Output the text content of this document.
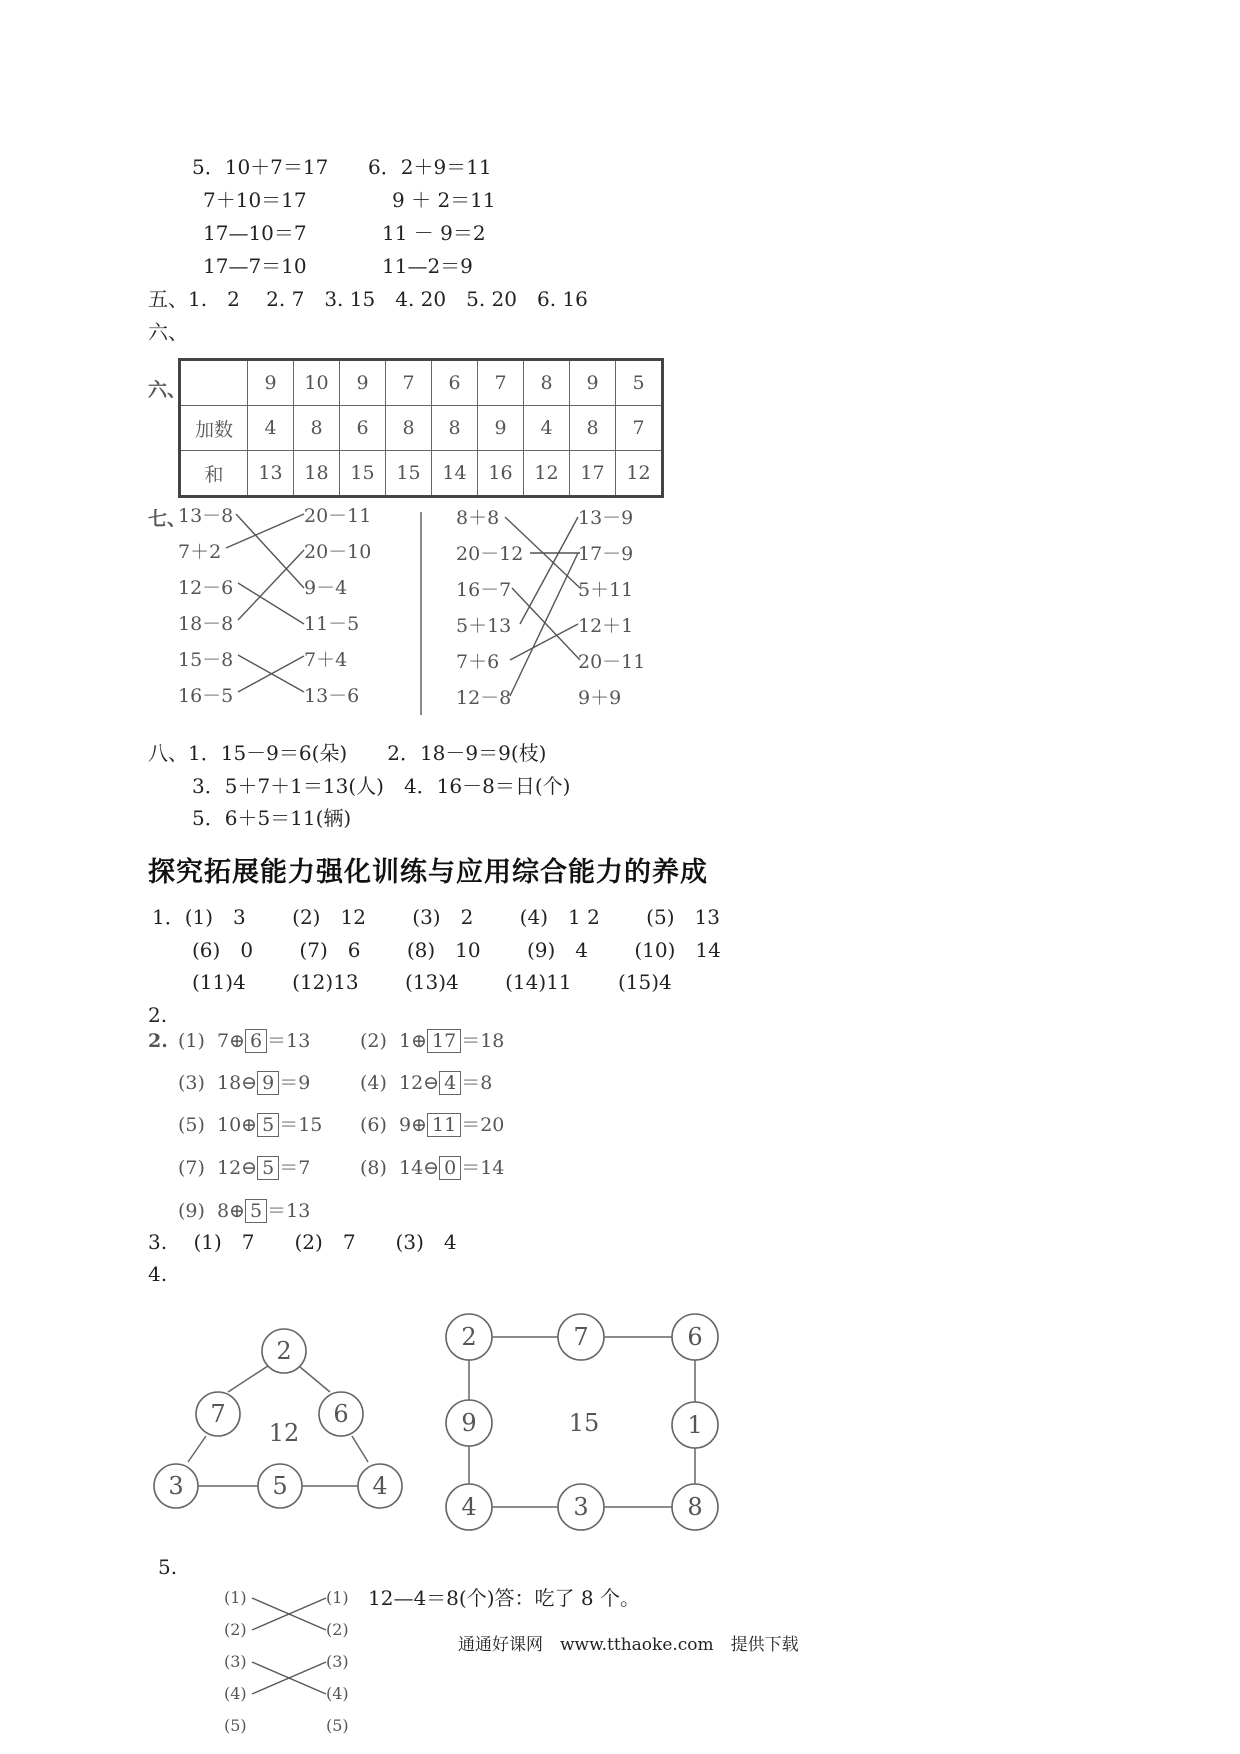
5．10＋7＝17
7＋10＝17
17—10＝7
17—7＝10
6．2＋9＝11
9 ＋ 2＝11
11 － 9＝2
11—2＝9
五、1.　2　 2. 7　3. 15　4. 20　5. 20　6. 16
六、
六、
		9	10	9	7	6	7	8	9	5
加数	4	8	6	8	8	9	4	8	7
和	13	18	15	15	14	16	12	17	12
七、
13－8
7＋2
12－6
18－8
15－8
16－5
20－11
20－10
9－4
11－5
7＋4
13－6
8＋8
20－12
16－7
5＋13
7＋6
12－8
13－9
17－9
5＋11
12＋1
20－11
9＋9
八、1．15－9＝6(朵)　　2．18－9＝9(枝)
3．5＋7＋1＝13(人)　4．16－8＝日(个)
5．6＋5＝11(辆)
探究拓展能力强化训练与应用综合能力的养成
1．(1)　3　　 (2)　12　　 (3)　2　　 (4)　1 2　　 (5)　13
(6)　0　　 (7)　6　　 (8)　10　　 (9)　4　　 (10)　14
(11)4　　 (12)13　　 (13)4　　 (14)11　　 (15)4
2.
2. (1)  7⊕ 6 ＝13	(2)  1⊕ 17 ＝18
(3)  18⊖ 9 ＝9	(4)  12⊖ 4 ＝8
(5)  10⊕ 5 ＝15 (6)  9⊕ 11 ＝20
(7)  12⊖ 5 ＝7	(8)  14⊖ 0 ＝14
(9)  8⊕ 5 ＝13
3.　 (1)　7　　(2)　7　　(3)　4
4.
2
7	6
3	5	4
12
2	7	6
9	1
4	3	8
15
5.
(1)
(2)
(3)
(4)
(5)
(1)
(2)
(3)
(4)
(5)
12—4＝8(个)答：吃了 8 个。
通通好课网　www.tthaoke.com　提供下载
